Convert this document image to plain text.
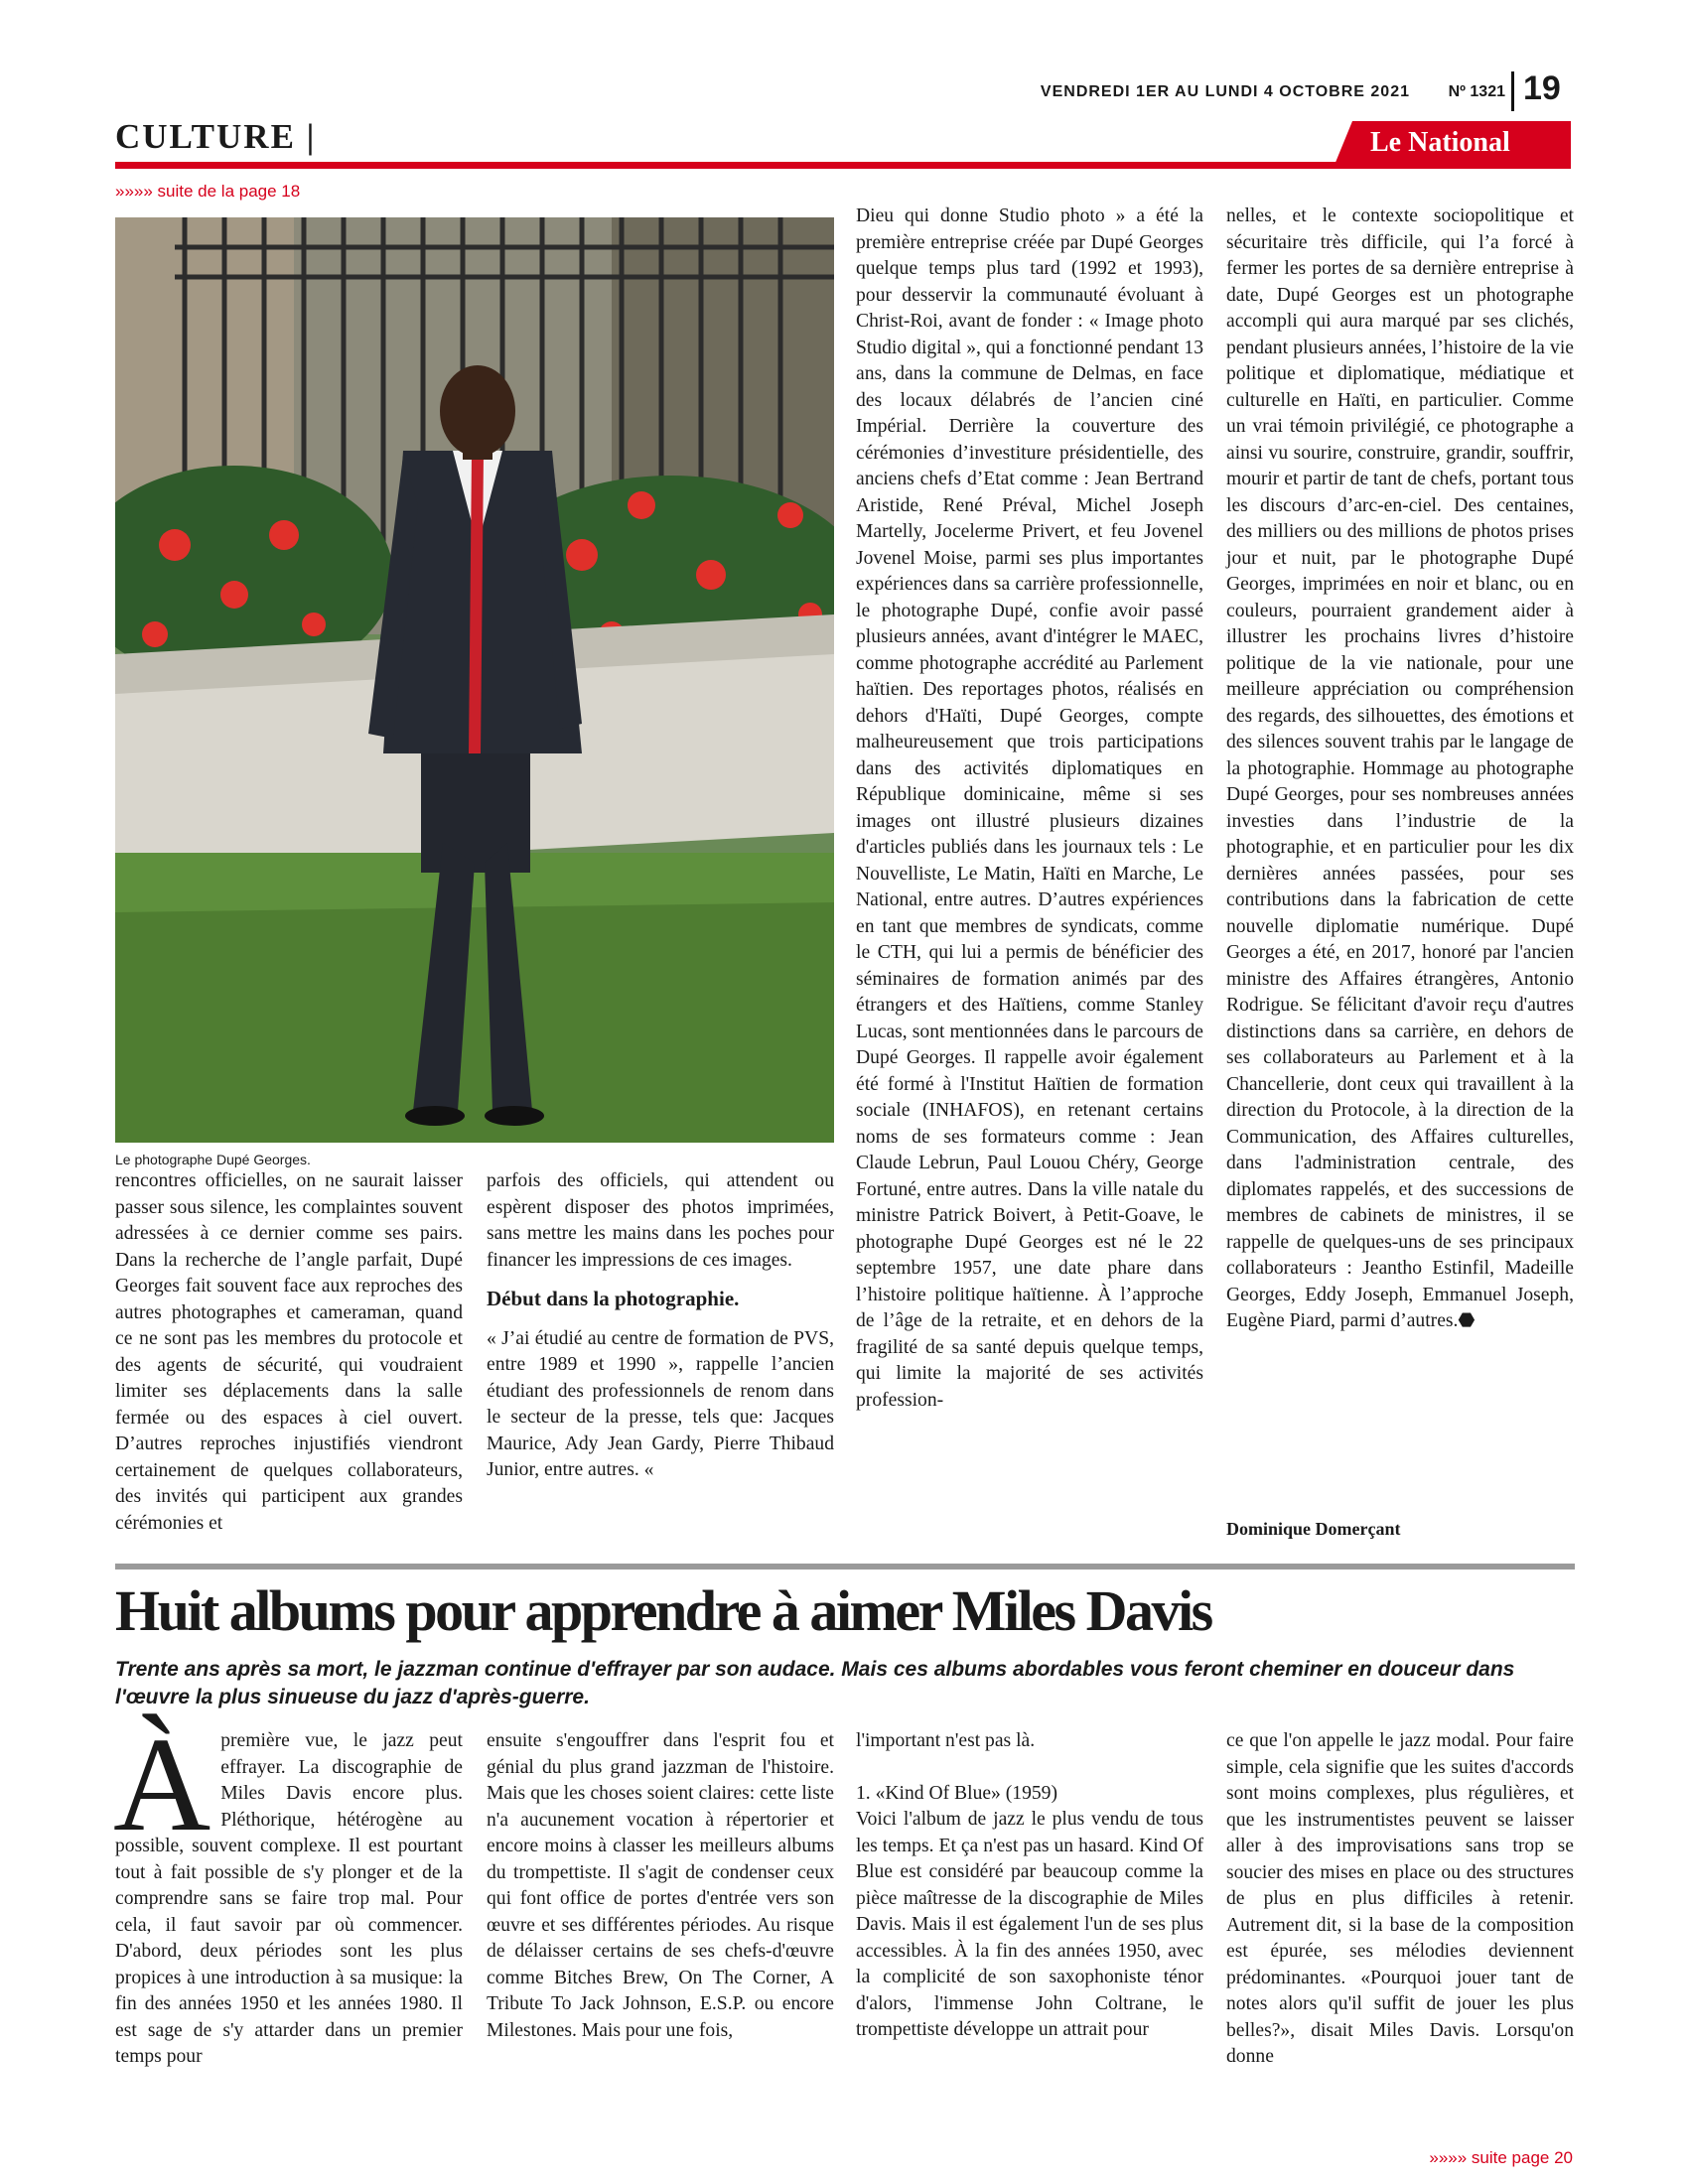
VENDREDI 1ER AU LUNDI 4 OCTOBRE 2021	Nº 1321 19
CULTURE |	Le National
»»»» suite de la page 18
Le photographe Dupé Georges.

rencontres officielles, on ne saurait laisser passer sous silence, les complaintes souvent adressées à ce dernier comme ses pairs. Dans la recherche de l’angle parfait, Dupé Georges fait souvent face aux reproches des autres photographes et cameraman, quand ce ne sont pas les membres du protocole et des agents de sécurité, qui voudraient limiter ses déplacements dans la salle fermée ou des espaces à ciel ouvert. D’autres reproches injustifiés viendront certainement de quelques collaborateurs, des invités qui participent aux grandes cérémonies et

parfois des officiels, qui attendent ou espèrent disposer des photos imprimées, sans mettre les mains dans les poches pour financer les impressions de ces images.

Début dans la photographie.

« J’ai étudié au centre de formation de PVS, entre 1989 et 1990 », rappelle l’ancien étudiant des professionnels de renom dans le secteur de la presse, tels que: Jacques Maurice, Ady Jean Gardy, Pierre Thibaud Junior, entre autres. «

Dieu qui donne Studio photo » a été la première entreprise créée par Dupé Georges quelque temps plus tard (1992 et 1993), pour desservir la communauté évoluant à Christ-Roi, avant de fonder : « Image photo Studio digital », qui a fonctionné pendant 13 ans, dans la commune de Delmas, en face des locaux délabrés de l’ancien ciné Impérial. Derrière la couverture des cérémonies d’investiture présidentielle, des anciens chefs d’Etat comme : Jean Bertrand Aristide, René Préval, Michel Joseph Martelly, Jocelerme Privert, et feu Jovenel Jovenel Moise, parmi ses plus importantes expériences dans sa carrière professionnelle, le photographe Dupé, confie avoir passé plusieurs années, avant d'intégrer le MAEC, comme photographe accrédité au Parlement haïtien. Des reportages photos, réalisés en dehors d'Haïti, Dupé Georges, compte malheureusement que trois participations dans des activités diplomatiques en République dominicaine, même si ses images ont illustré plusieurs dizaines d'articles publiés dans les journaux tels : Le Nouvelliste, Le Matin, Haïti en Marche, Le National, entre autres. D’autres expériences en tant que membres de syndicats, comme le CTH, qui lui a permis de bénéficier des séminaires de formation animés par des étrangers et des Haïtiens, comme Stanley Lucas, sont mentionnées dans le parcours de Dupé Georges. Il rappelle avoir également été formé à l'Institut Haïtien de formation sociale (INHAFOS), en retenant certains noms de ses formateurs comme : Jean Claude Lebrun, Paul Louou Chéry, George Fortuné, entre autres. Dans la ville natale du ministre Patrick Boivert, à Petit-Goave, le photographe Dupé Georges est né le 22 septembre 1957, une date phare dans l’histoire politique haïtienne. À l’approche de l’âge de la retraite, et en dehors de la fragilité de sa santé depuis quelque temps, qui limite la majorité de ses activités profession-

nelles, et le contexte sociopolitique et sécuritaire très difficile, qui l’a forcé à fermer les portes de sa dernière entreprise à date, Dupé Georges est un photographe accompli qui aura marqué par ses clichés, pendant plusieurs années, l’histoire de la vie politique et diplomatique, médiatique et culturelle en Haïti, en particulier. Comme un vrai témoin privilégié, ce photographe a ainsi vu sourire, construire, grandir, souffrir, mourir et partir de tant de chefs, portant tous les discours d’arc-en-ciel. Des centaines, des milliers ou des millions de photos prises jour et nuit, par le photographe Dupé Georges, imprimées en noir et blanc, ou en couleurs, pourraient grandement aider à illustrer les prochains livres d’histoire politique de la vie nationale, pour une meilleure appréciation ou compréhension des regards, des silhouettes, des émotions et des silences souvent trahis par le langage de la photographie. Hommage au photographe Dupé Georges, pour ses nombreuses années investies dans l’industrie de la photographie, et en particulier pour les dix dernières années passées, pour ses contributions dans la fabrication de cette nouvelle diplomatie numérique. Dupé Georges a été, en 2017, honoré par l'ancien ministre des Affaires étrangères, Antonio Rodrigue. Se félicitant d'avoir reçu d'autres distinctions dans sa carrière, en dehors de ses collaborateurs au Parlement et à la Chancellerie, dont ceux qui travaillent à la direction du Protocole, à la direction de la Communication, des Affaires culturelles, dans l'administration centrale, des diplomates rappelés, et des successions de membres de cabinets de ministres, il se rappelle de quelques-uns de ses principaux collaborateurs : Jeantho Estinfil, Madeille Georges, Eddy Joseph, Emmanuel Joseph, Eugène Piard, parmi d’autres.⬣

Dominique Domerçant
Huit albums pour apprendre à aimer Miles Davis
Trente ans après sa mort, le jazzman continue d'effrayer par son audace. Mais ces albums abordables vous feront cheminer en douceur dans l'œuvre la plus sinueuse du jazz d'après-guerre.
À première vue, le jazz peut effrayer. La discographie de Miles Davis encore plus. Pléthorique, hétérogène au possible, souvent complexe. Il est pourtant tout à fait possible de s'y plonger et de la comprendre sans se faire trop mal. Pour cela, il faut savoir par où commencer. D'abord, deux périodes sont les plus propices à une introduction à sa musique: la fin des années 1950 et les années 1980. Il est sage de s'y attarder dans un premier temps pour

ensuite s'engouffrer dans l'esprit fou et génial du plus grand jazzman de l'histoire. Mais que les choses soient claires: cette liste n'a aucunement vocation à répertorier et encore moins à classer les meilleurs albums du trompettiste. Il s'agit de condenser ceux qui font office de portes d'entrée vers son œuvre et ses différentes périodes. Au risque de délaisser certains de ses chefs-d'œuvre comme Bitches Brew, On The Corner, A Tribute To Jack Johnson, E.S.P. ou encore Milestones. Mais pour une fois,

l'important n'est pas là.

1. «Kind Of Blue» (1959)

Voici l'album de jazz le plus vendu de tous les temps. Et ça n'est pas un hasard. Kind Of Blue est considéré par beaucoup comme la pièce maîtresse de la discographie de Miles Davis. Mais il est également l'un de ses plus accessibles. À la fin des années 1950, avec la complicité de son saxophoniste ténor d'alors, l'immense John Coltrane, le trompettiste développe un attrait pour

ce que l'on appelle le jazz modal. Pour faire simple, cela signifie que les suites d'accords sont moins complexes, plus régulières, et que les instrumentistes peuvent se laisser aller à des improvisations sans trop se soucier des mises en place ou des structures de plus en plus difficiles à retenir. Autrement dit, si la base de la composition est épurée, ses mélodies deviennent prédominantes. «Pourquoi jouer tant de notes alors qu'il suffit de jouer les plus belles?», disait Miles Davis. Lorsqu'on donne

»»»» suite page 20
